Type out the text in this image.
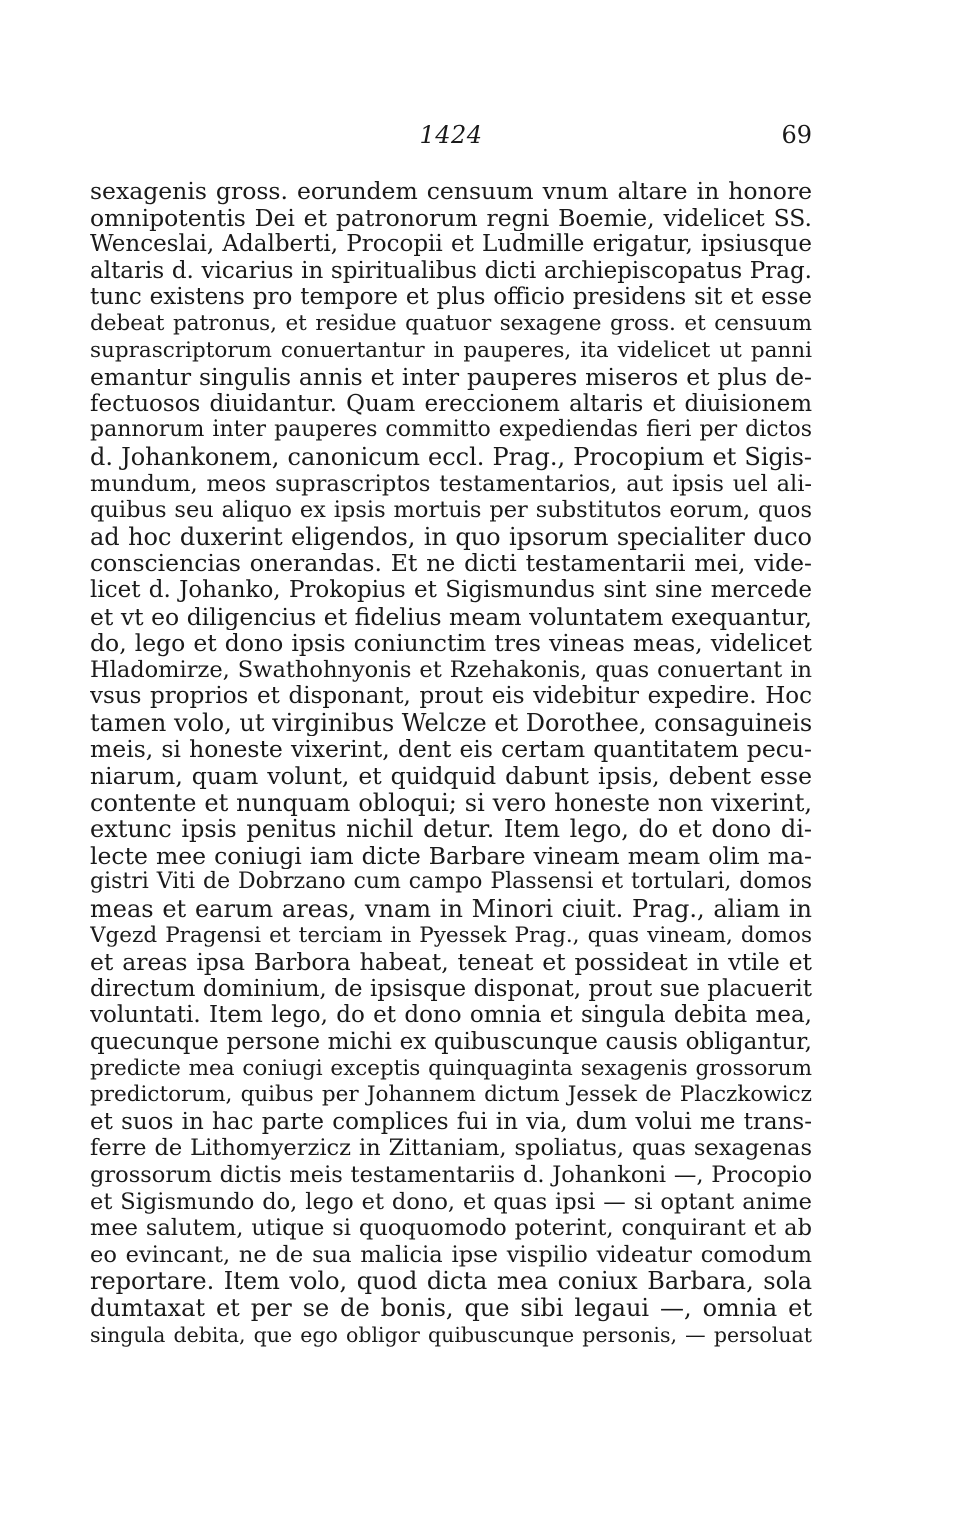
1424	69
sexagenis gross. eorundem censuum vnum altare in honore
omnipotentis Dei et patronorum regni Boemie, videlicet SS.
Wenceslai, Adalberti, Procopii et Ludmille erigatur, ipsiusque
altaris d. vicarius in spiritualibus dicti archiepiscopatus Prag.
tunc existens pro tempore et plus officio presidens sit et esse
debeat patronus, et residue quatuor sexagene gross. et censuum
suprascriptorum conuertantur in pauperes, ita videlicet ut panni
emantur singulis annis et inter pauperes miseros et plus de-
fectuosos diuidantur. Quam ereccionem altaris et diuisionem
pannorum inter pauperes committo expediendas fieri per dictos
d. Johankonem, canonicum eccl. Prag., Procopium et Sigis-
mundum, meos suprascriptos testamentarios, aut ipsis uel ali-
quibus seu aliquo ex ipsis mortuis per substitutos eorum, quos
ad hoc duxerint eligendos, in quo ipsorum specialiter duco
consciencias onerandas. Et ne dicti testamentarii mei, vide-
licet d. Johanko, Prokopius et Sigismundus sint sine mercede
et vt eo diligencius et fidelius meam voluntatem exequantur,
do, lego et dono ipsis coniunctim tres vineas meas, videlicet
Hladomirze, Swathohnyonis et Rzehakonis, quas conuertant in
vsus proprios et disponant, prout eis videbitur expedire. Hoc
tamen volo, ut virginibus Welcze et Dorothee, consaguineis
meis, si honeste vixerint, dent eis certam quantitatem pecu-
niarum, quam volunt, et quidquid dabunt ipsis, debent esse
contente et nunquam obloqui; si vero honeste non vixerint,
extunc ipsis penitus nichil detur. Item lego, do et dono di-
lecte mee coniugi iam dicte Barbare vineam meam olim ma-
gistri Viti de Dobrzano cum campo Plassensi et tortulari, domos
meas et earum areas, vnam in Minori ciuit. Prag., aliam in
Vgezd Pragensi et terciam in Pyessek Prag., quas vineam, domos
et areas ipsa Barbora habeat, teneat et possideat in vtile et
directum dominium, de ipsisque disponat, prout sue placuerit
voluntati. Item lego, do et dono omnia et singula debita mea,
quecunque persone michi ex quibuscunque causis obligantur,
predicte mea coniugi exceptis quinquaginta sexagenis grossorum
predictorum, quibus per Johannem dictum Jessek de Placzkowicz
et suos in hac parte complices fui in via, dum volui me trans-
ferre de Lithomyerzicz in Zittaniam, spoliatus, quas sexagenas
grossorum dictis meis testamentariis d. Johankoni —, Procopio
et Sigismundo do, lego et dono, et quas ipsi — si optant anime
mee salutem, utique si quoquomodo poterint, conquirant et ab
eo evincant, ne de sua malicia ipse vispilio videatur comodum
reportare. Item volo, quod dicta mea coniux Barbara, sola
dumtaxat et per se de bonis, que sibi legaui —, omnia et
singula debita, que ego obligor quibuscunque personis, — persoluat
